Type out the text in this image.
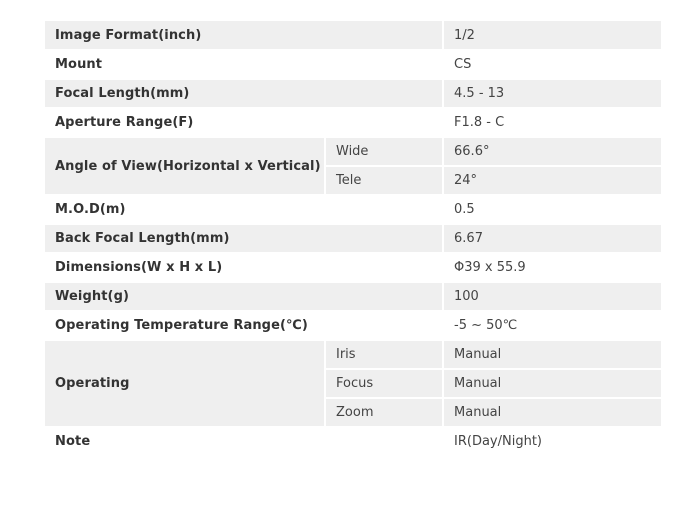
Image Format(inch)		1/2
Mount		CS
Focal Length(mm)		4.5 - 13
Aperture Range(F)		F1.8 - C
Angle of View(Horizontal x Vertical)	Wide	66.6°
	Tele	24°
M.O.D(m)		0.5
Back Focal Length(mm)		6.67
Dimensions(W x H x L)		Φ39 x 55.9
Weight(g)		100
Operating Temperature Range(℃)		-5 ~ 50℃
Operating	Iris	Manual
	Focus	Manual
	Zoom	Manual
Note		IR(Day/Night)
